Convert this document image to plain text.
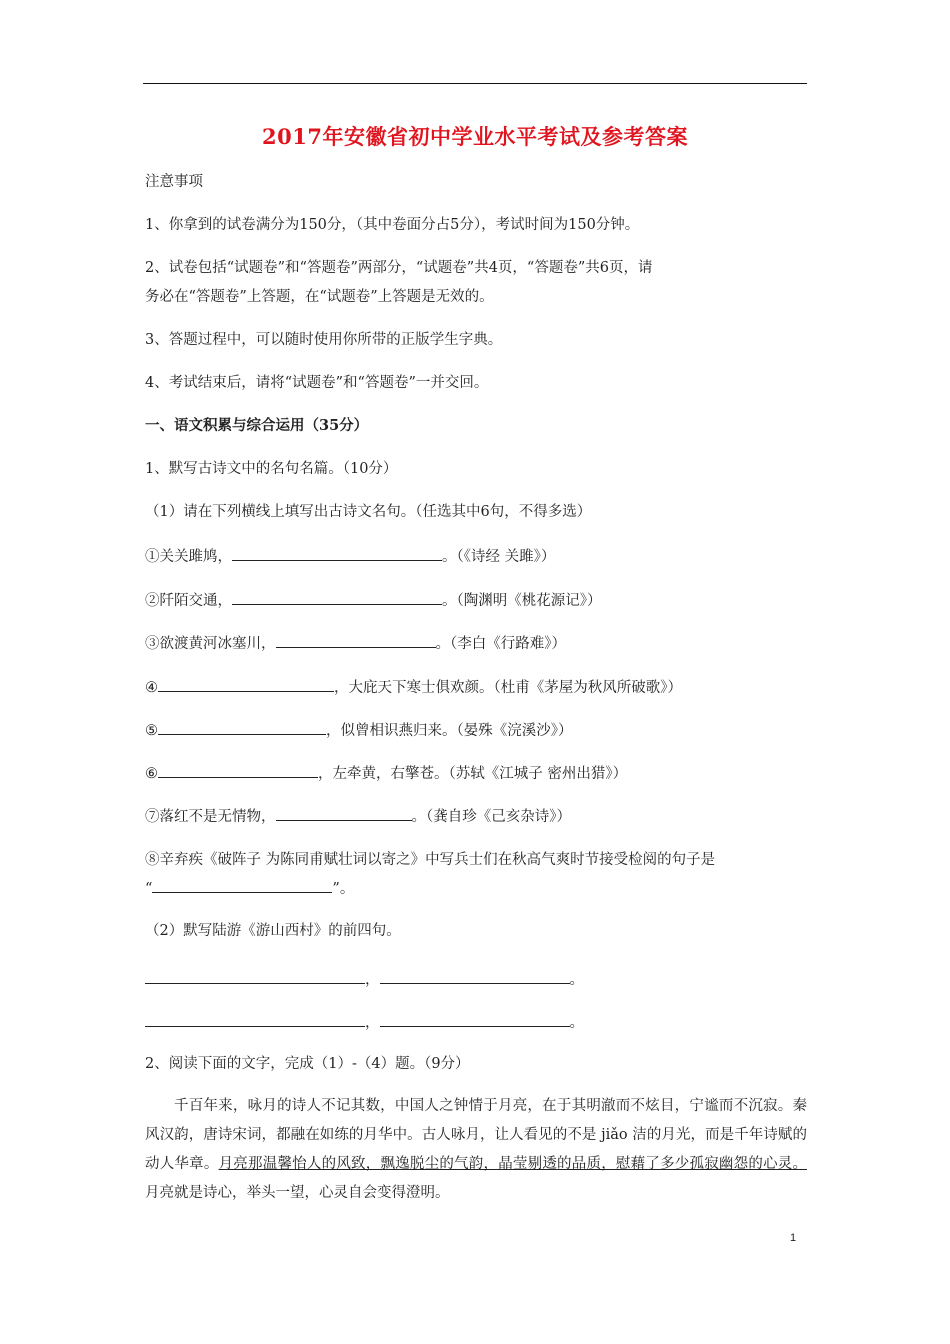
2017年安徽省初中学业水平考试及参考答案
注意事项
1、你拿到的试卷满分为150分，（其中卷面分占5分），考试时间为150分钟。
2、试卷包括“试题卷”和“答题卷”两部分，“试题卷”共4页，“答题卷”共6页，请
务必在“答题卷”上答题，在“试题卷”上答题是无效的。
3、答题过程中，可以随时使用你所带的正版学生字典。
4、考试结束后，请将“试题卷”和“答题卷”一并交回。
一、语文积累与综合运用（35分）
1、默写古诗文中的名句名篇。（10分）
（1）请在下列横线上填写出古诗文名句。（任选其中6句，不得多选）
①关关雎鸠，	。（《诗经 关雎》）
②阡陌交通，	。（陶渊明《桃花源记》）
③欲渡黄河冰塞川，	。（李白《行路难》）
④	，大庇天下寒士俱欢颜。（杜甫《茅屋为秋风所破歌》）
⑤	，似曾相识燕归来。（晏殊《浣溪沙》）
⑥	，左牵黄，右擎苍。（苏轼《江城子 密州出猎》）
⑦落红不是无情物，	。（龚自珍《己亥杂诗》）
⑧辛弃疾《破阵子 为陈同甫赋壮词以寄之》中写兵士们在秋高气爽时节接受检阅的句子是
“	”。
（2）默写陆游《游山西村》的前四句。
，	。
，	。
2、阅读下面的文字，完成（1）-（4）题。（9分）
千百年来，咏月的诗人不记其数，中国人之钟情于月亮，在于其明澈而不炫目，宁谧而不沉寂。秦风汉韵，唐诗宋词，都融在如练的月华中。古人咏月，让人看见的不是 jiǎo 洁的月光，而是千年诗赋的动人华章。月亮那温馨怡人的风致，飘逸脱尘的气韵，晶莹剔透的品质，慰藉了多少孤寂幽怨的心灵。月亮就是诗心，举头一望，心灵自会变得澄明。
1
